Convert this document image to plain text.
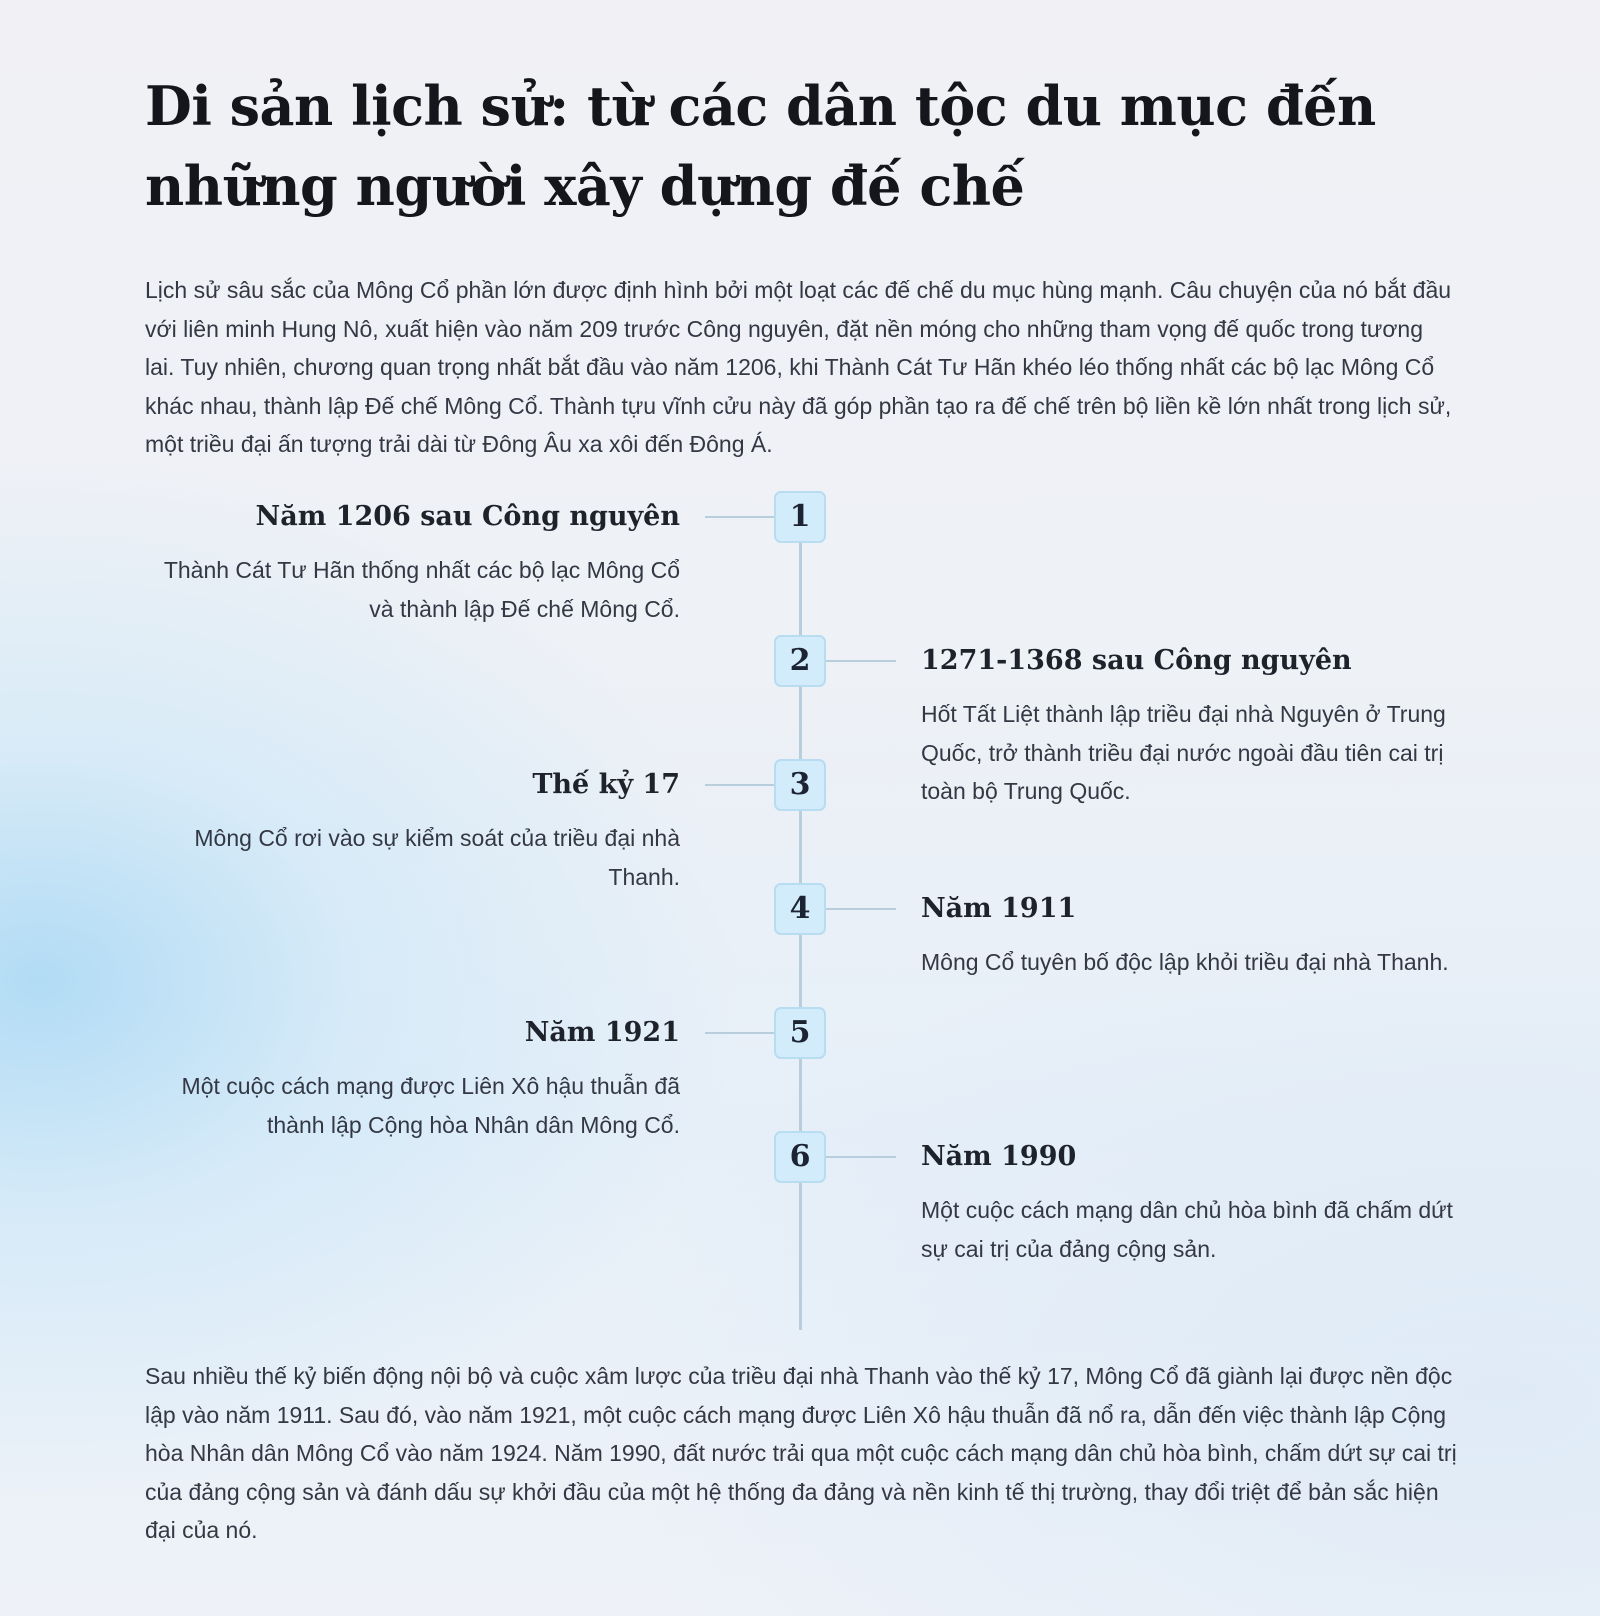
Di sản lịch sử: từ các dân tộc du mục đến những người xây dựng đế chế

Lịch sử sâu sắc của Mông Cổ phần lớn được định hình bởi một loạt các đế chế du mục hùng mạnh. Câu chuyện của nó bắt đầu với liên minh Hung Nô, xuất hiện vào năm 209 trước Công nguyên, đặt nền móng cho những tham vọng đế quốc trong tương lai. Tuy nhiên, chương quan trọng nhất bắt đầu vào năm 1206, khi Thành Cát Tư Hãn khéo léo thống nhất các bộ lạc Mông Cổ khác nhau, thành lập Đế chế Mông Cổ. Thành tựu vĩnh cửu này đã góp phần tạo ra đế chế trên bộ liền kề lớn nhất trong lịch sử, một triều đại ấn tượng trải dài từ Đông Âu xa xôi đến Đông Á.

1
Năm 1206 sau Công nguyên

Thành Cát Tư Hãn thống nhất các bộ lạc Mông Cổ và thành lập Đế chế Mông Cổ.

2	1271-1368 sau Công nguyên

Hốt Tất Liệt thành lập triều đại nhà Nguyên ở Trung Quốc, trở thành triều đại nước ngoài đầu tiên cai trị toàn bộ Trung Quốc.

3
Thế kỷ 17

Mông Cổ rơi vào sự kiểm soát của triều đại nhà Thanh.

4	Năm 1911

Mông Cổ tuyên bố độc lập khỏi triều đại nhà Thanh.

5
Năm 1921

Một cuộc cách mạng được Liên Xô hậu thuẫn đã thành lập Cộng hòa Nhân dân Mông Cổ.

6	Năm 1990

Một cuộc cách mạng dân chủ hòa bình đã chấm dứt sự cai trị của đảng cộng sản.

Sau nhiều thế kỷ biến động nội bộ và cuộc xâm lược của triều đại nhà Thanh vào thế kỷ 17, Mông Cổ đã giành lại được nền độc lập vào năm 1911. Sau đó, vào năm 1921, một cuộc cách mạng được Liên Xô hậu thuẫn đã nổ ra, dẫn đến việc thành lập Cộng hòa Nhân dân Mông Cổ vào năm 1924. Năm 1990, đất nước trải qua một cuộc cách mạng dân chủ hòa bình, chấm dứt sự cai trị của đảng cộng sản và đánh dấu sự khởi đầu của một hệ thống đa đảng và nền kinh tế thị trường, thay đổi triệt để bản sắc hiện đại của nó.
